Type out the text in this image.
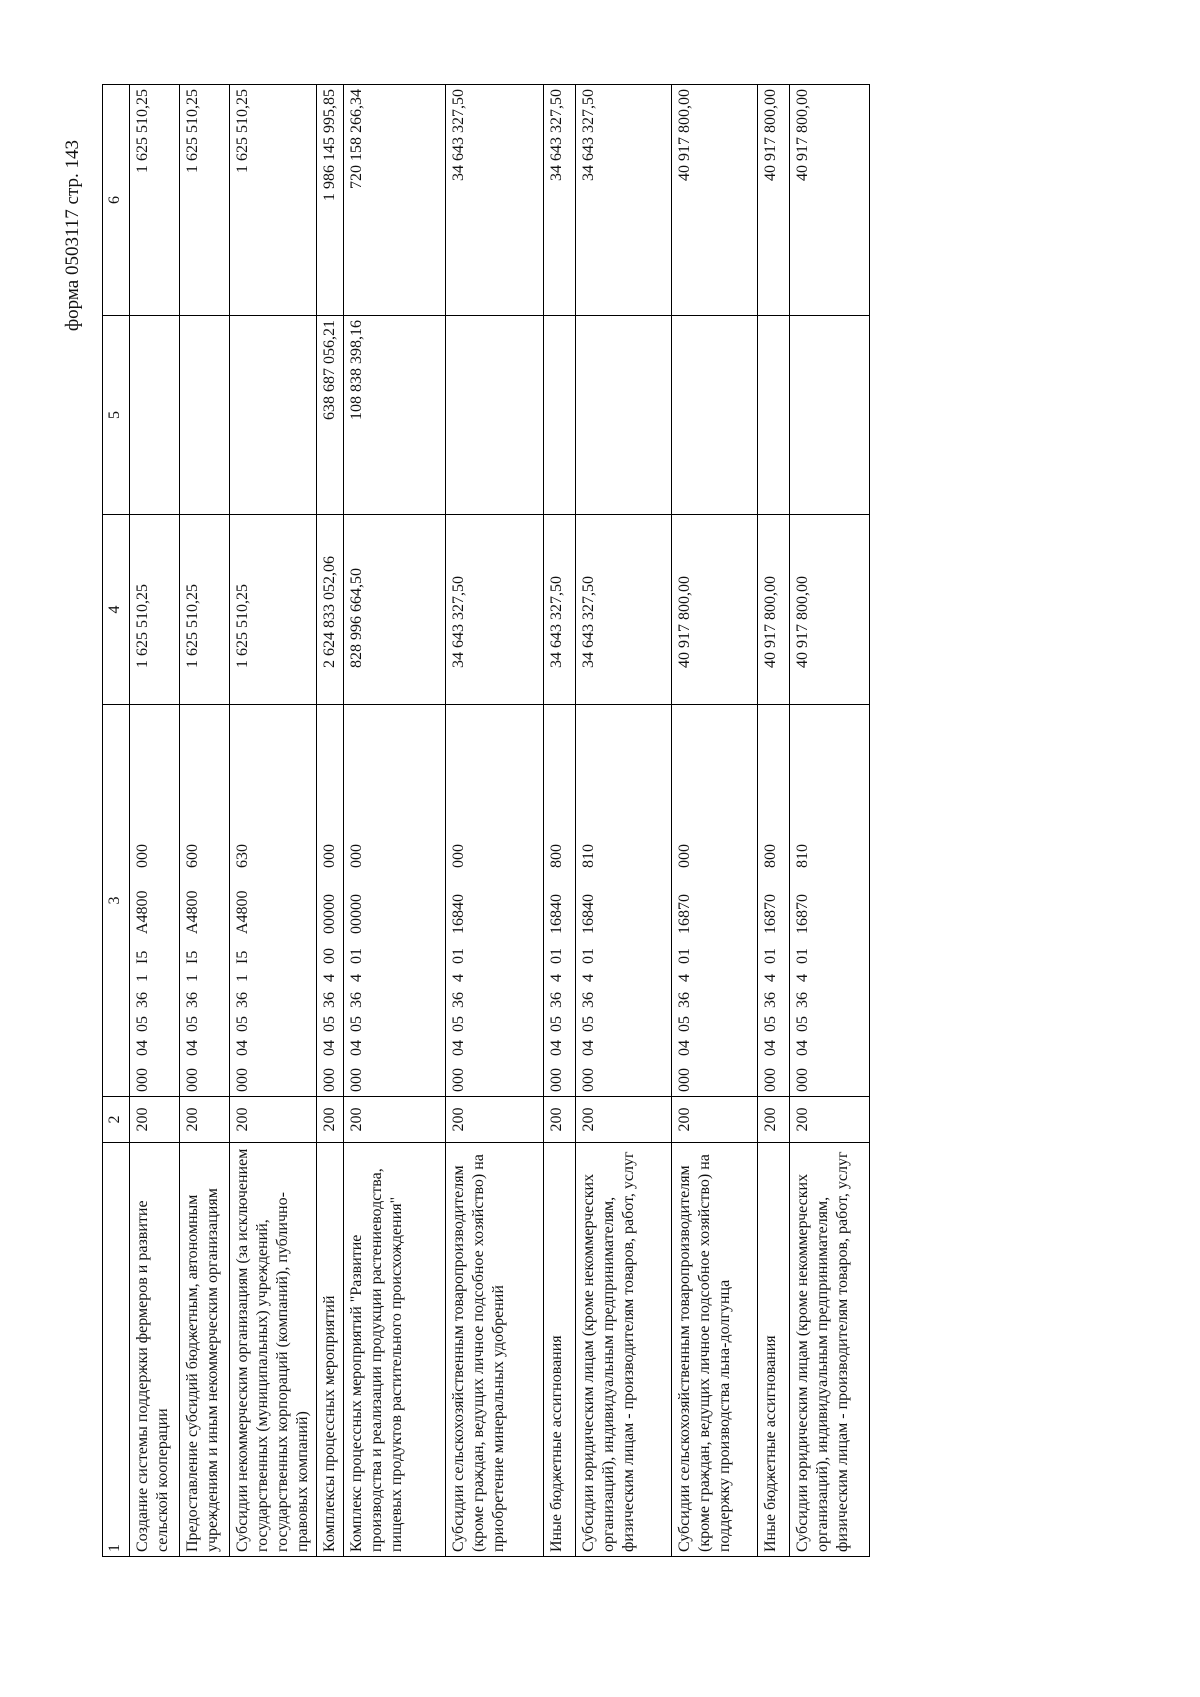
форма 0503117 стр. 143
1	2	3	4	5	6
Создание системы поддержки фермеров и развитие сельской кооперации	200	0000405361I5A4800000	1 625 510,25		1 625 510,25
Предоставление субсидий бюджетным, автономным учреждениям и иным некоммерческим организациям	200	0000405361I5A4800600	1 625 510,25		1 625 510,25
Субсидии некоммерческим организациям (за исключением государственных (муниципальных) учреждений, государственных корпораций (компаний), публично-правовых компаний)	200	0000405361I5A4800630	1 625 510,25		1 625 510,25
Комплексы процессных мероприятий	200	00004053640000000000	2 624 833 052,06	638 687 056,21	1 986 145 995,85
Комплекс процессных мероприятий "Развитие производства и реализации продукции растениеводства, пищевых продуктов растительного происхождения"	200	00004053640100000000	828 996 664,50	108 838 398,16	720 158 266,34
Субсидии сельскохозяйственным товаропроизводителям (кроме граждан, ведущих личное подсобное хозяйство) на приобретение минеральных удобрений	200	00004053640116840000	34 643 327,50		34 643 327,50
Иные бюджетные ассигнования	200	00004053640116840800	34 643 327,50		34 643 327,50
Субсидии юридическим лицам (кроме некоммерческих организаций), индивидуальным предпринимателям, физическим лицам - производителям товаров, работ, услуг	200	00004053640116840810	34 643 327,50		34 643 327,50
Субсидии сельскохозяйственным товаропроизводителям (кроме граждан, ведущих личное подсобное хозяйство) на поддержку производства льна-долгунца	200	00004053640116870000	40 917 800,00		40 917 800,00
Иные бюджетные ассигнования	200	00004053640116870800	40 917 800,00		40 917 800,00
Субсидии юридическим лицам (кроме некоммерческих организаций), индивидуальным предпринимателям, физическим лицам - производителям товаров, работ, услуг	200	00004053640116870810	40 917 800,00		40 917 800,00
